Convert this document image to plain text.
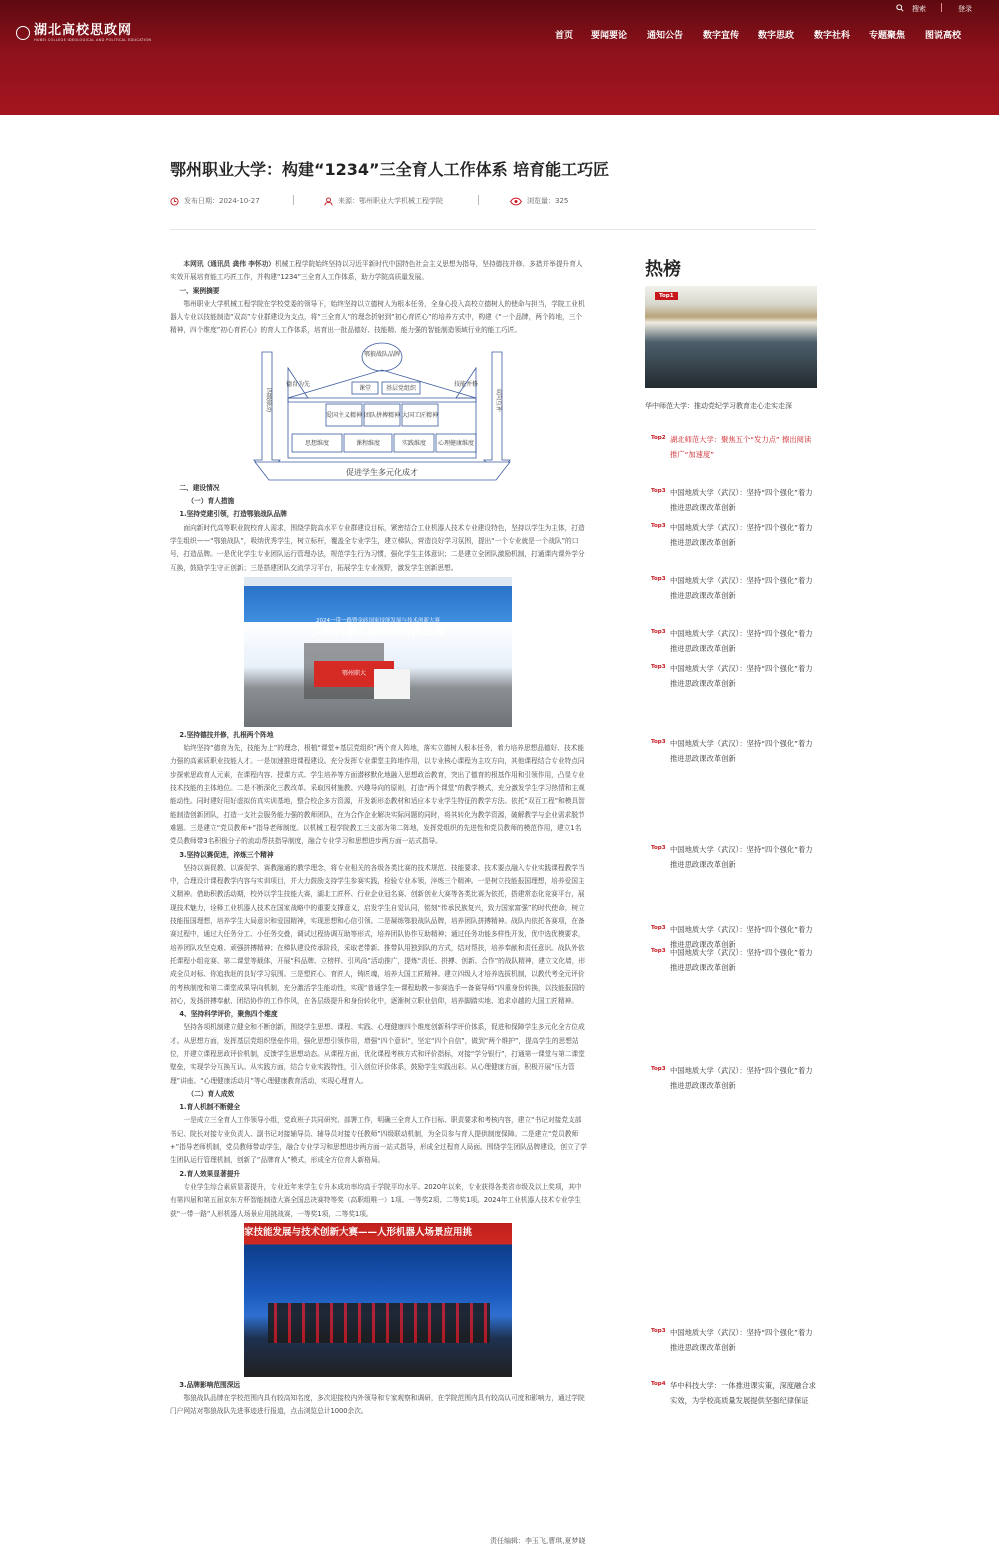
搜索	登录
湖北高校思政网
HUBEI COLLEGE IDEOLOGICAL AND POLITICAL EDUCATION	首页 要闻要论 通知公告 数字宣传 数字思政 数字社科 专题聚焦 图说高校
鄂州职业大学：构建“1234”三全育人工作体系 培育能工巧匠
发布日期：2024-10-27	来源：鄂州职业大学机械工程学院	浏览量：325

本网讯（通讯员 龚伟 李怀功）机械工程学院始终坚持以习近平新时代中国特色社会主义思想为指导，坚持德技并修、多措并举提升育人实效开展培育能工巧匠工作，并构建“1234”三全育人工作体系，助力学院高质量发展。

一、案例摘要

鄂州职业大学机械工程学院在学校党委的领导下，始终坚持以立德树人为根本任务，全身心投入高校立德树人的使命与担当，学院工业机器人专业以技能制造“双高”专业群建设为支点，将“三全育人”的理念折射到“初心育匠心”的培养方式中，构建《“一个品牌，两个阵地，三个精神，四个维度”初心育匠心》的育人工作体系，培育出一批品德好、技能精、能力强的智能制造领域行业的能工巧匠。

鄂狼战队品牌
课堂 基层党组织
德育为先	技能并修
爱国主义精神 团队拼搏精神 大国工匠精神
思想维度	课程维度	实践维度 心理健康维度
促进学生多元化成才
四级联动	双向互补

二、建设情况

（一）育人措施

1.坚持党建引领，打造鄂狼战队品牌

面向新时代高等职业院校育人需求，围绕学院高水平专业群建设目标，紧密结合工业机器人技术专业建设特色，坚持以学生为主体，打造学生组织——“鄂狼战队”，吸纳优秀学生，树立标杆，覆盖全专业学生，建立梯队，营造良好学习氛围，提出“一个专业就是一个战队”的口号，打造品牌。一是优化学生专业团队运行管理办法，规范学生行为习惯，强化学生主体意识；二是建立全团队激励机制，打通课内课外学分互换，鼓励学生守正创新；三是搭建团队交流学习平台，拓展学生专业视野，激发学生创新思想。

2024一带一路暨金砖国家技能发展与技术创新大赛
人形机器人场景应用挑战赛
鄂州职大

2.坚持德技并修，扎根两个阵地

始终坚持“德育为先，技能为上”的理念，根植“课堂+基层党组织”两个育人阵地，落实立德树人根本任务，着力培养思想品德好、技术能力强的高素质职业技能人才。一是加速推进课程建设。充分发挥专业课堂主阵地作用，以专业核心课程为主攻方向，其他课程结合专业特点同步探索思政育人元素，在课程内容、授课方式、学生培养等方面潜移默化地融入思想政治教育，突出了德育的根基作用和引领作用，凸显专业技术技能的主体地位。二是不断深化三教改革。采取因材施教、兴趣导向的原则，打造“两个课堂”的教学模式，充分激发学生学习热情和主观能动性。同时建好用好虚拟仿真实训基地，整合校企多方资源，开发新形态教材和适应本专业学生特征的教学方法。依托“双百工程”和模具智能制造创新团队，打造一支社会服务能力强的教师团队，在为合作企业解决实际问题的同时，将其转化为教学资源，破解教学与企业需求脱节难题。三是建立“党员教师+”指导老师制度。以机械工程学院教工三支部为第二阵地，发挥党组织的先进性和党员教师的模范作用，建立1名党员教师带3名积极分子的流动帮扶指导制度，融合专业学习和思想进步两方面一站式指导。

3.坚持以赛促进，淬炼三个精神

坚持以赛促教、以赛促学、赛教融通的教学理念，将专业相关的各级各类比赛的技术规范、技能要求、技术要点融入专业实践课程教学当中，合理设计课程教学内容与实训项目，并大力鼓励支持学生参赛实践，检验专业本领，淬炼三个精神。一是树立技能报国理想，培养爱国主义精神。借助积教活动期，校外以学生技能大赛，湖北工匠杯、行业企业冠名赛、创新创业大赛等各类比赛为依托，搭建常态化竞赛平台，展现技术魅力，诠释工业机器人技术在国家战略中的重要支撑意义，启发学生自觉认同，铭刻“传承民族复兴，致力国家富强”的时代使命，树立技能报国理想，培养学生大局意识和爱国精神，实现思想和心信引领。二是凝练鄂狼战队品牌，培养团队拼搏精神。战队内依托各赛项，在备赛过程中，通过大任务分工、小任务交叠，调试过程协调互助等形式，培养团队协作互助精神；通过任务功能多样性开发，优中选优模要求，培养团队攻坚克难、顽强拼搏精神；在梯队建设传承阶段，采取老带新、推带队用独到队的方式，结对帮扶，培养奉献和责任意识。战队外依托课程小组竞赛、第二课堂等载体，开展“科品牌、立榜样、引风尚”活动推广，提炼“责任、拼搏、创新、合作”的战队精神，建立文化墙，形成全员对标、你追我赶的良好学习氛围。三是塑匠心、育匠人，铸匠魂，培养大国工匠精神。建立四级人才培养选拔机制，以教代考全元评价的考核制度和第二课堂成果导向机制，充分激活学生能动性，实现“普通学生—课程助教—参赛选手—备赛导师”四重身份转换，以技能报国的初心，发扬拼搏奉献、团结协作的工作作风，在各层级提升和身份转化中，逐渐树立职业信仰，培养脚踏实地、追求卓越的大国工匠精神。

4、坚持科学评价，聚焦四个维度

坚持各项机制建立健全和不断创新，围绕学生思想、课程、实践、心理健康四个维度创新科学评价体系，促进和保障学生多元化全方位成才。从思想方面，发挥基层党组织堡垒作用，强化思想引领作用，增强“四个意识”，坚定“四个自信”，做到“两个维护”，提高学生的思想站位，并建立课程思政评价机制，反馈学生思想动态。从课程方面，优化课程考核方式和评价指标，对接“学分银行”，打通第一课堂与第二课堂壁垒，实现学分互换互认。从实践方面，结合专业实践特性，引入创位评价体系，鼓励学生实践出彩。从心理健康方面，积极开展“压力管理”讲座、“心理健康活动月”等心理健康教育活动，实现心理育人。

（二）育人成效

1.育人机制不断健全

一是成立三全育人工作领导小组，党政班子共同研究、部署工作，明确三全育人工作目标、职责要求和考核内容，建立“书记对接党支部书记、院长对接专业负责人、副书记对接辅导员、辅导员对接专任教师”四级联动机制，为全员参与育人提供制度保障。二是建立“党员教师+”指导老师机制，党员教师带动学生，融合专业学习和思想进步两方面一站式指导，形成全过程育人局面。围绕学生团队品牌建设，创立了学生团队运行管理机制，创新了“品牌育人”模式，形成全方位育人新格局。

2.育人效果显著提升

专业学生综合素质显著提升，专业近年来学生专升本成功率均高于学院平均水平。2020年以来，专业获得各类省市级及以上奖项，其中有第四届和第五届京东方杯智能制造大赛全国总决赛特等奖（高职组唯一）1项、一等奖2项、二等奖1项。2024年工业机器人技术专业学生获“一带一路”人形机器人场景应用挑战赛，一等奖1项，二等奖1项。

家技能发展与技术创新大赛——人形机器人场景应用挑

3.品牌影响范围深远

鄂狼战队品牌在学校范围内具有较高知名度，多次迎接校内外领导和专家观察和调研，在学院范围内具有较高认可度和影响力，通过学院门户网站对鄂狼战队先进事迹进行报道，点击浏览总计1000余次。

责任编辑：李玉飞,曹琪,夏梦晓
热榜
Top1
华中师范大学：推动党纪学习教育走心走实走深
Top2 湖北师范大学：聚焦五个“发力点” 擦出阅读推广“加速度”
Top3 中国地质大学（武汉）：坚持“四个强化”着力推进思政课改革创新
Top3 中国地质大学（武汉）：坚持“四个强化”着力推进思政课改革创新
Top3 中国地质大学（武汉）：坚持“四个强化”着力推进思政课改革创新
Top3 中国地质大学（武汉）：坚持“四个强化”着力推进思政课改革创新
Top3 中国地质大学（武汉）：坚持“四个强化”着力推进思政课改革创新
Top3 中国地质大学（武汉）：坚持“四个强化”着力推进思政课改革创新
Top3 中国地质大学（武汉）：坚持“四个强化”着力推进思政课改革创新
Top3 中国地质大学（武汉）：坚持“四个强化”着力推进思政课改革创新
Top3 中国地质大学（武汉）：坚持“四个强化”着力推进思政课改革创新
Top3 中国地质大学（武汉）：坚持“四个强化”着力推进思政课改革创新
Top3 中国地质大学（武汉）：坚持“四个强化”着力推进思政课改革创新
Top4 华中科技大学：一体推进课实策，深度融合求实效，为学校高质量发展提供坚强纪律保证
